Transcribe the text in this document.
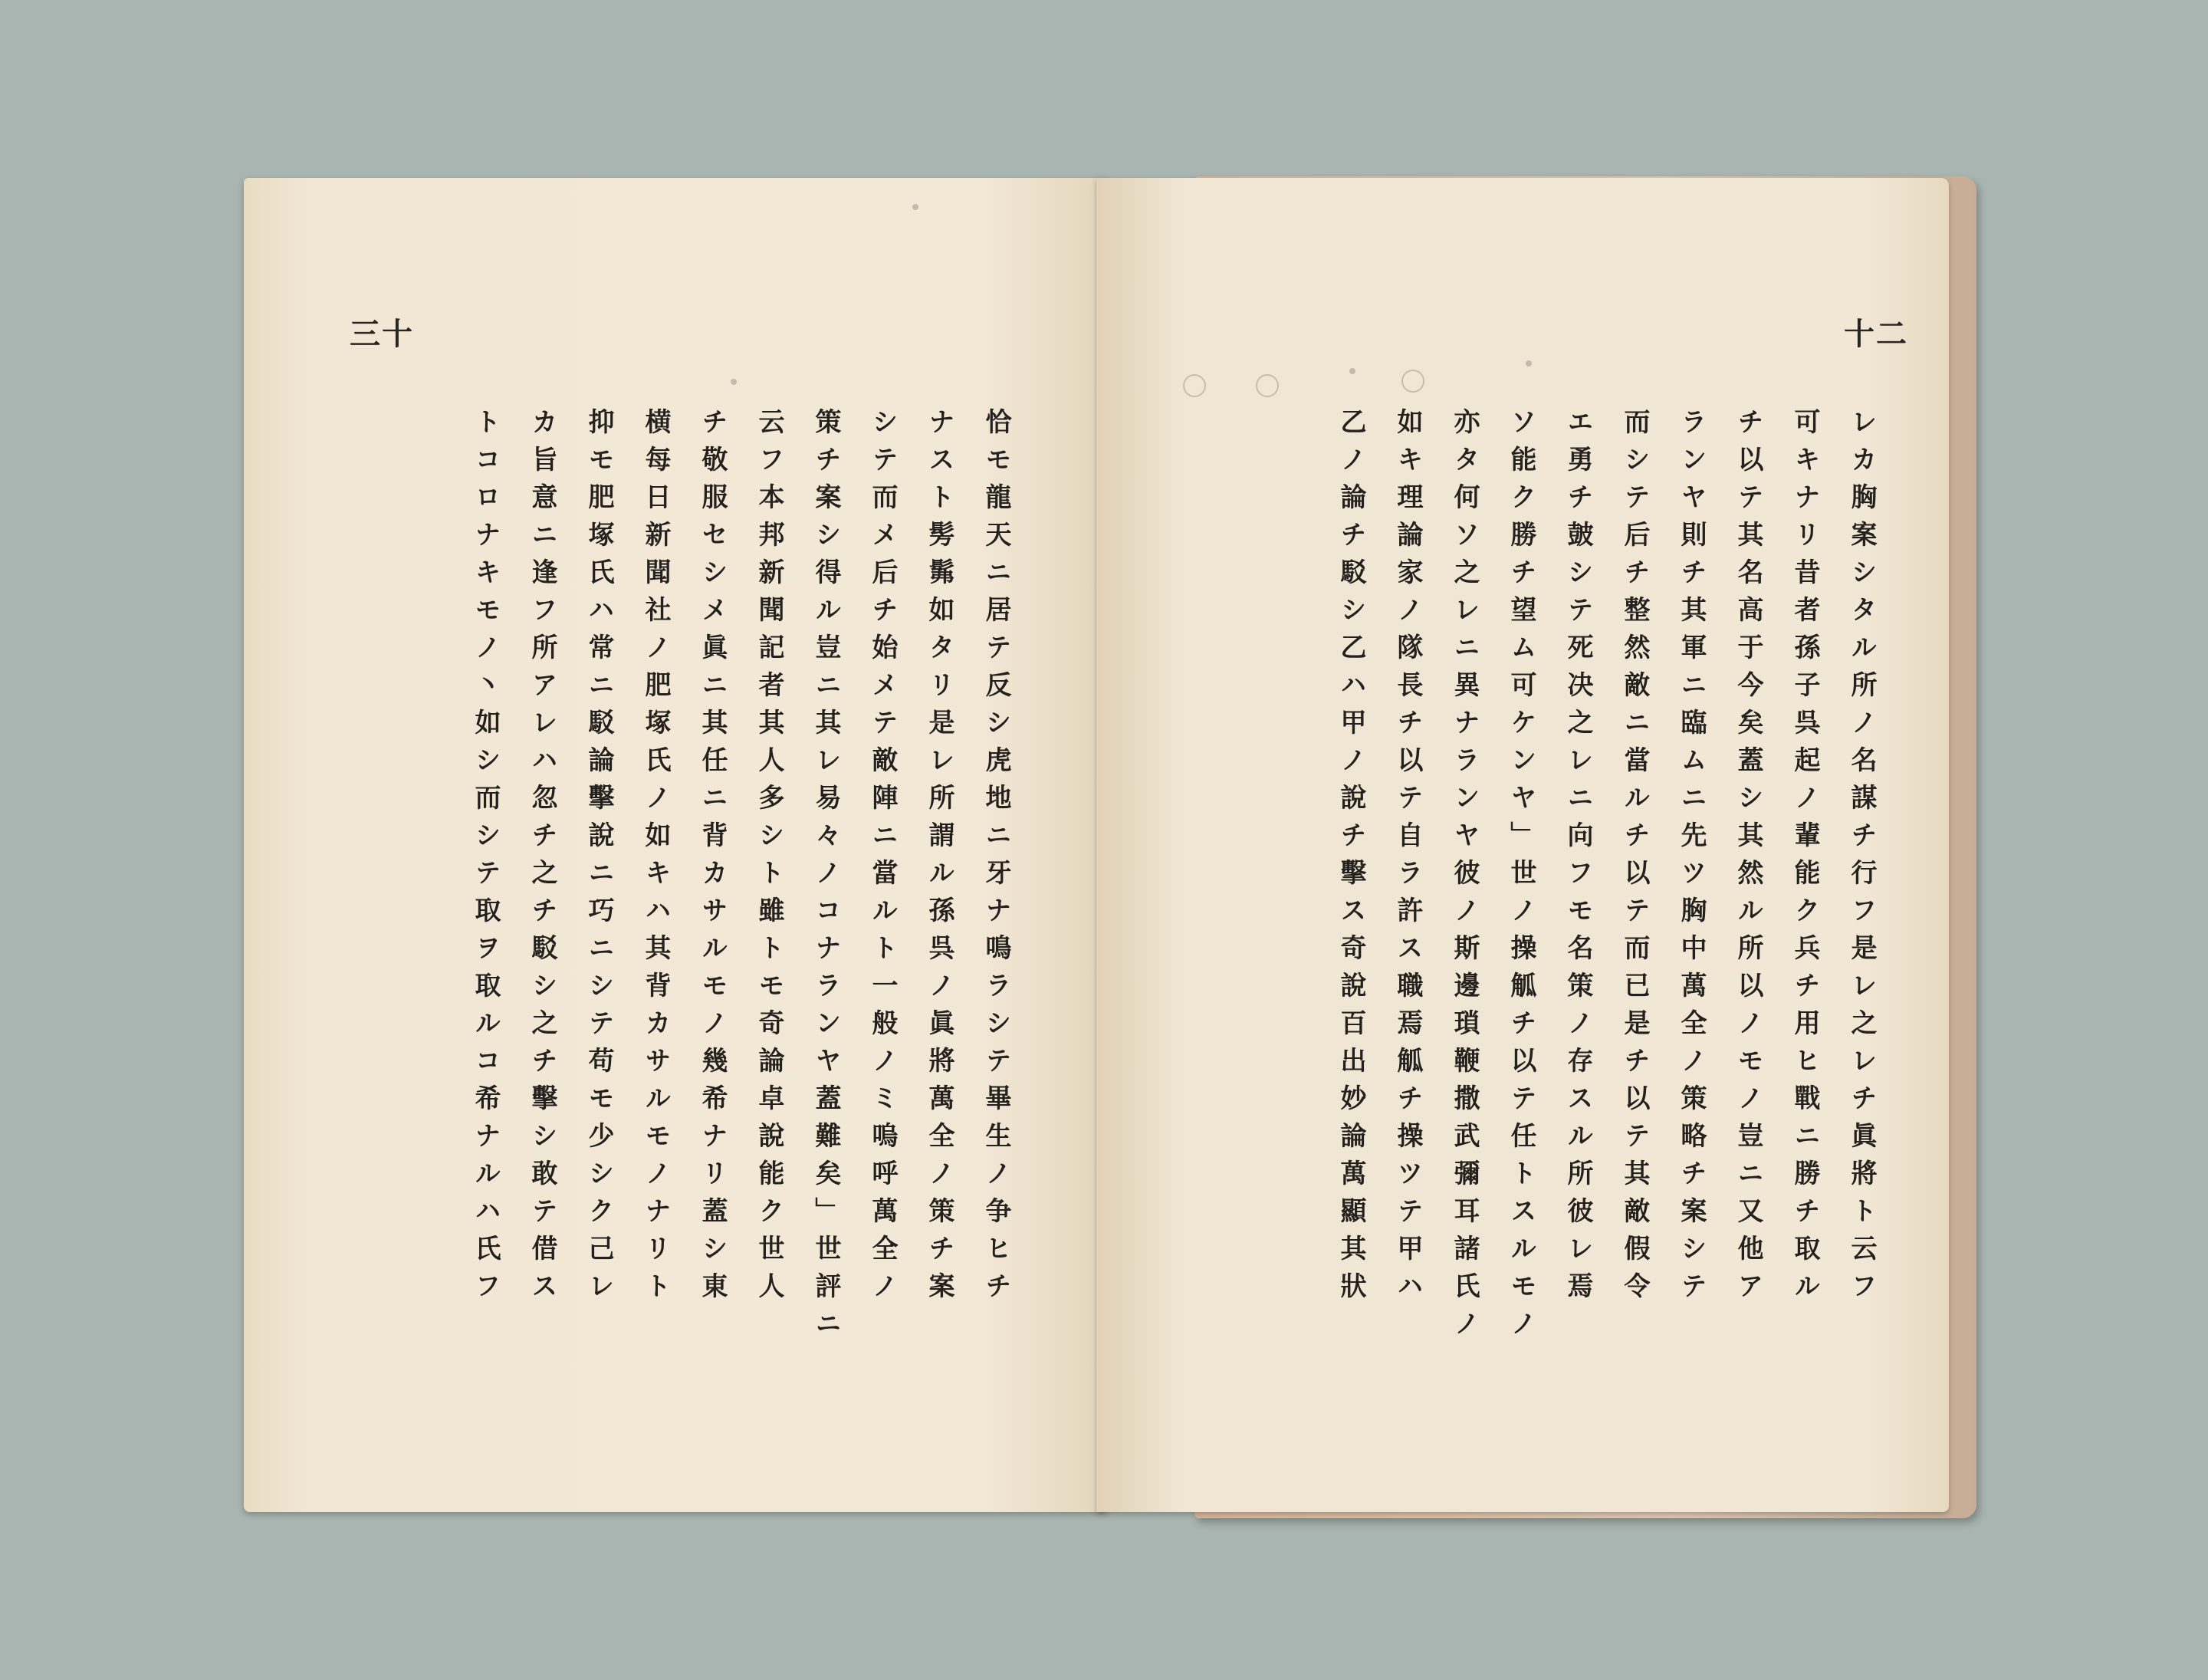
三十
恰モ龍天ニ居テ反シ虎地ニ牙ナ鳴ラシテ畢生ノ争ヒチ
ナスト髣髴如タリ是レ所謂ル孫呉ノ眞將萬全ノ策チ案
シテ而メ后チ始メテ敵陣ニ當ルト一般ノミ嗚呼萬全ノ
策チ案シ得ル豈ニ其レ易々ノコナランヤ蓋難矣」世評ニ
云フ本邦新聞記者其人多シト雖トモ奇論卓說能ク世人
チ敬服セシメ眞ニ其任ニ背カサルモノ幾希ナリ蓋シ東
横每日新聞社ノ肥塚氏ノ如キハ其背カサルモノナリト
抑モ肥塚氏ハ常ニ駁論擊說ニ巧ニシテ苟モ少シク己レ
カ旨意ニ逢フ所アレハ忽チ之チ駁シ之チ擊シ敢テ借ス
トコロナキモノ丶如シ而シテ取ヲ取ルコ希ナルハ氏フ
十二
レカ胸案シタル所ノ名謀チ行フ是レ之レチ眞將ト云フ
可キナリ昔者孫子呉起ノ輩能ク兵チ用ヒ戰ニ勝チ取ル
チ以テ其名高于今矣蓋シ其然ル所以ノモノ豈ニ又他ア
ランヤ則チ其軍ニ臨ムニ先ツ胸中萬全ノ策略チ案シテ
而シテ后チ整然敵ニ當ルチ以テ而已是チ以テ其敵假令
エ勇チ皷シテ死决之レニ向フモ名策ノ存スル所彼レ焉
ソ能ク勝チ望ム可ケンヤ」世ノ操觚チ以テ任トスルモノ
亦タ何ソ之レニ異ナランヤ彼ノ斯邊瑣鞭撒武彌耳諸氏ノ
如キ理論家ノ隊長チ以テ自ラ許ス職焉觚チ操ツテ甲ハ
乙ノ論チ駁シ乙ハ甲ノ說チ擊ス奇說百出妙論萬顯其狀
